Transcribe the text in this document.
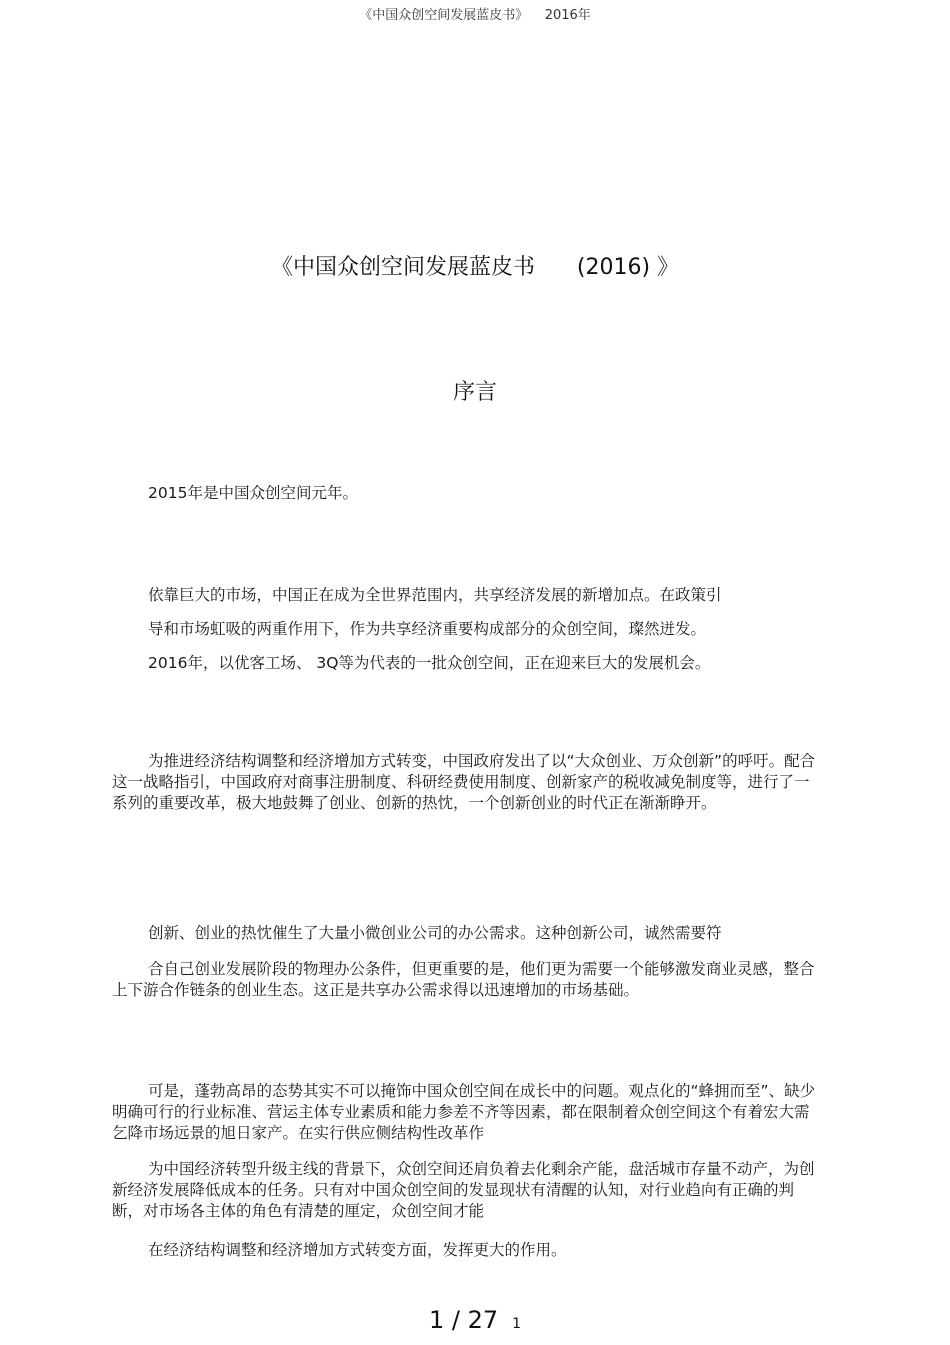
《中国众创空间发展蓝皮书》    2016年
《中国众创空间发展蓝皮书      (2016) 》
序言
2015年是中国众创空间元年。
依靠巨大的市场，中国正在成为全世界范围内，共享经济发展的新增加点。在政策引
导和市场虹吸的两重作用下，作为共享经济重要构成部分的众创空间，璨然迸发。
2016年，以优客工场、 3Q等为代表的一批众创空间，正在迎来巨大的发展机会。
为推进经济结构调整和经济增加方式转变，中国政府发出了以“大众创业、万众创新”的呼吁。配合这一战略指引，中国政府对商事注册制度、科研经费使用制度、创新家产的税收减免制度等，进行了一系列的重要改革，极大地鼓舞了创业、创新的热忱，一个创新创业的时代正在渐渐睁开。
创新、创业的热忱催生了大量小微创业公司的办公需求。这种创新公司，诚然需要符
合自己创业发展阶段的物理办公条件，但更重要的是，他们更为需要一个能够激发商业灵感，整合上下游合作链条的创业生态。这正是共享办公需求得以迅速增加的市场基础。
可是，蓬勃高昂的态势其实不可以掩饰中国众创空间在成长中的问题。观点化的“蜂拥而至”、缺少明确可行的行业标准、营运主体专业素质和能力参差不齐等因素，都在限制着众创空间这个有着宏大需乞降市场远景的旭日家产。在实行供应侧结构性改革作
为中国经济转型升级主线的背景下，众创空间还肩负着去化剩余产能，盘活城市存量不动产，为创新经济发展降低成本的任务。只有对中国众创空间的发显现状有清醒的认知，对行业趋向有正确的判断，对市场各主体的角色有清楚的厘定，众创空间才能
在经济结构调整和经济增加方式转变方面，发挥更大的作用。
1 / 27 1
